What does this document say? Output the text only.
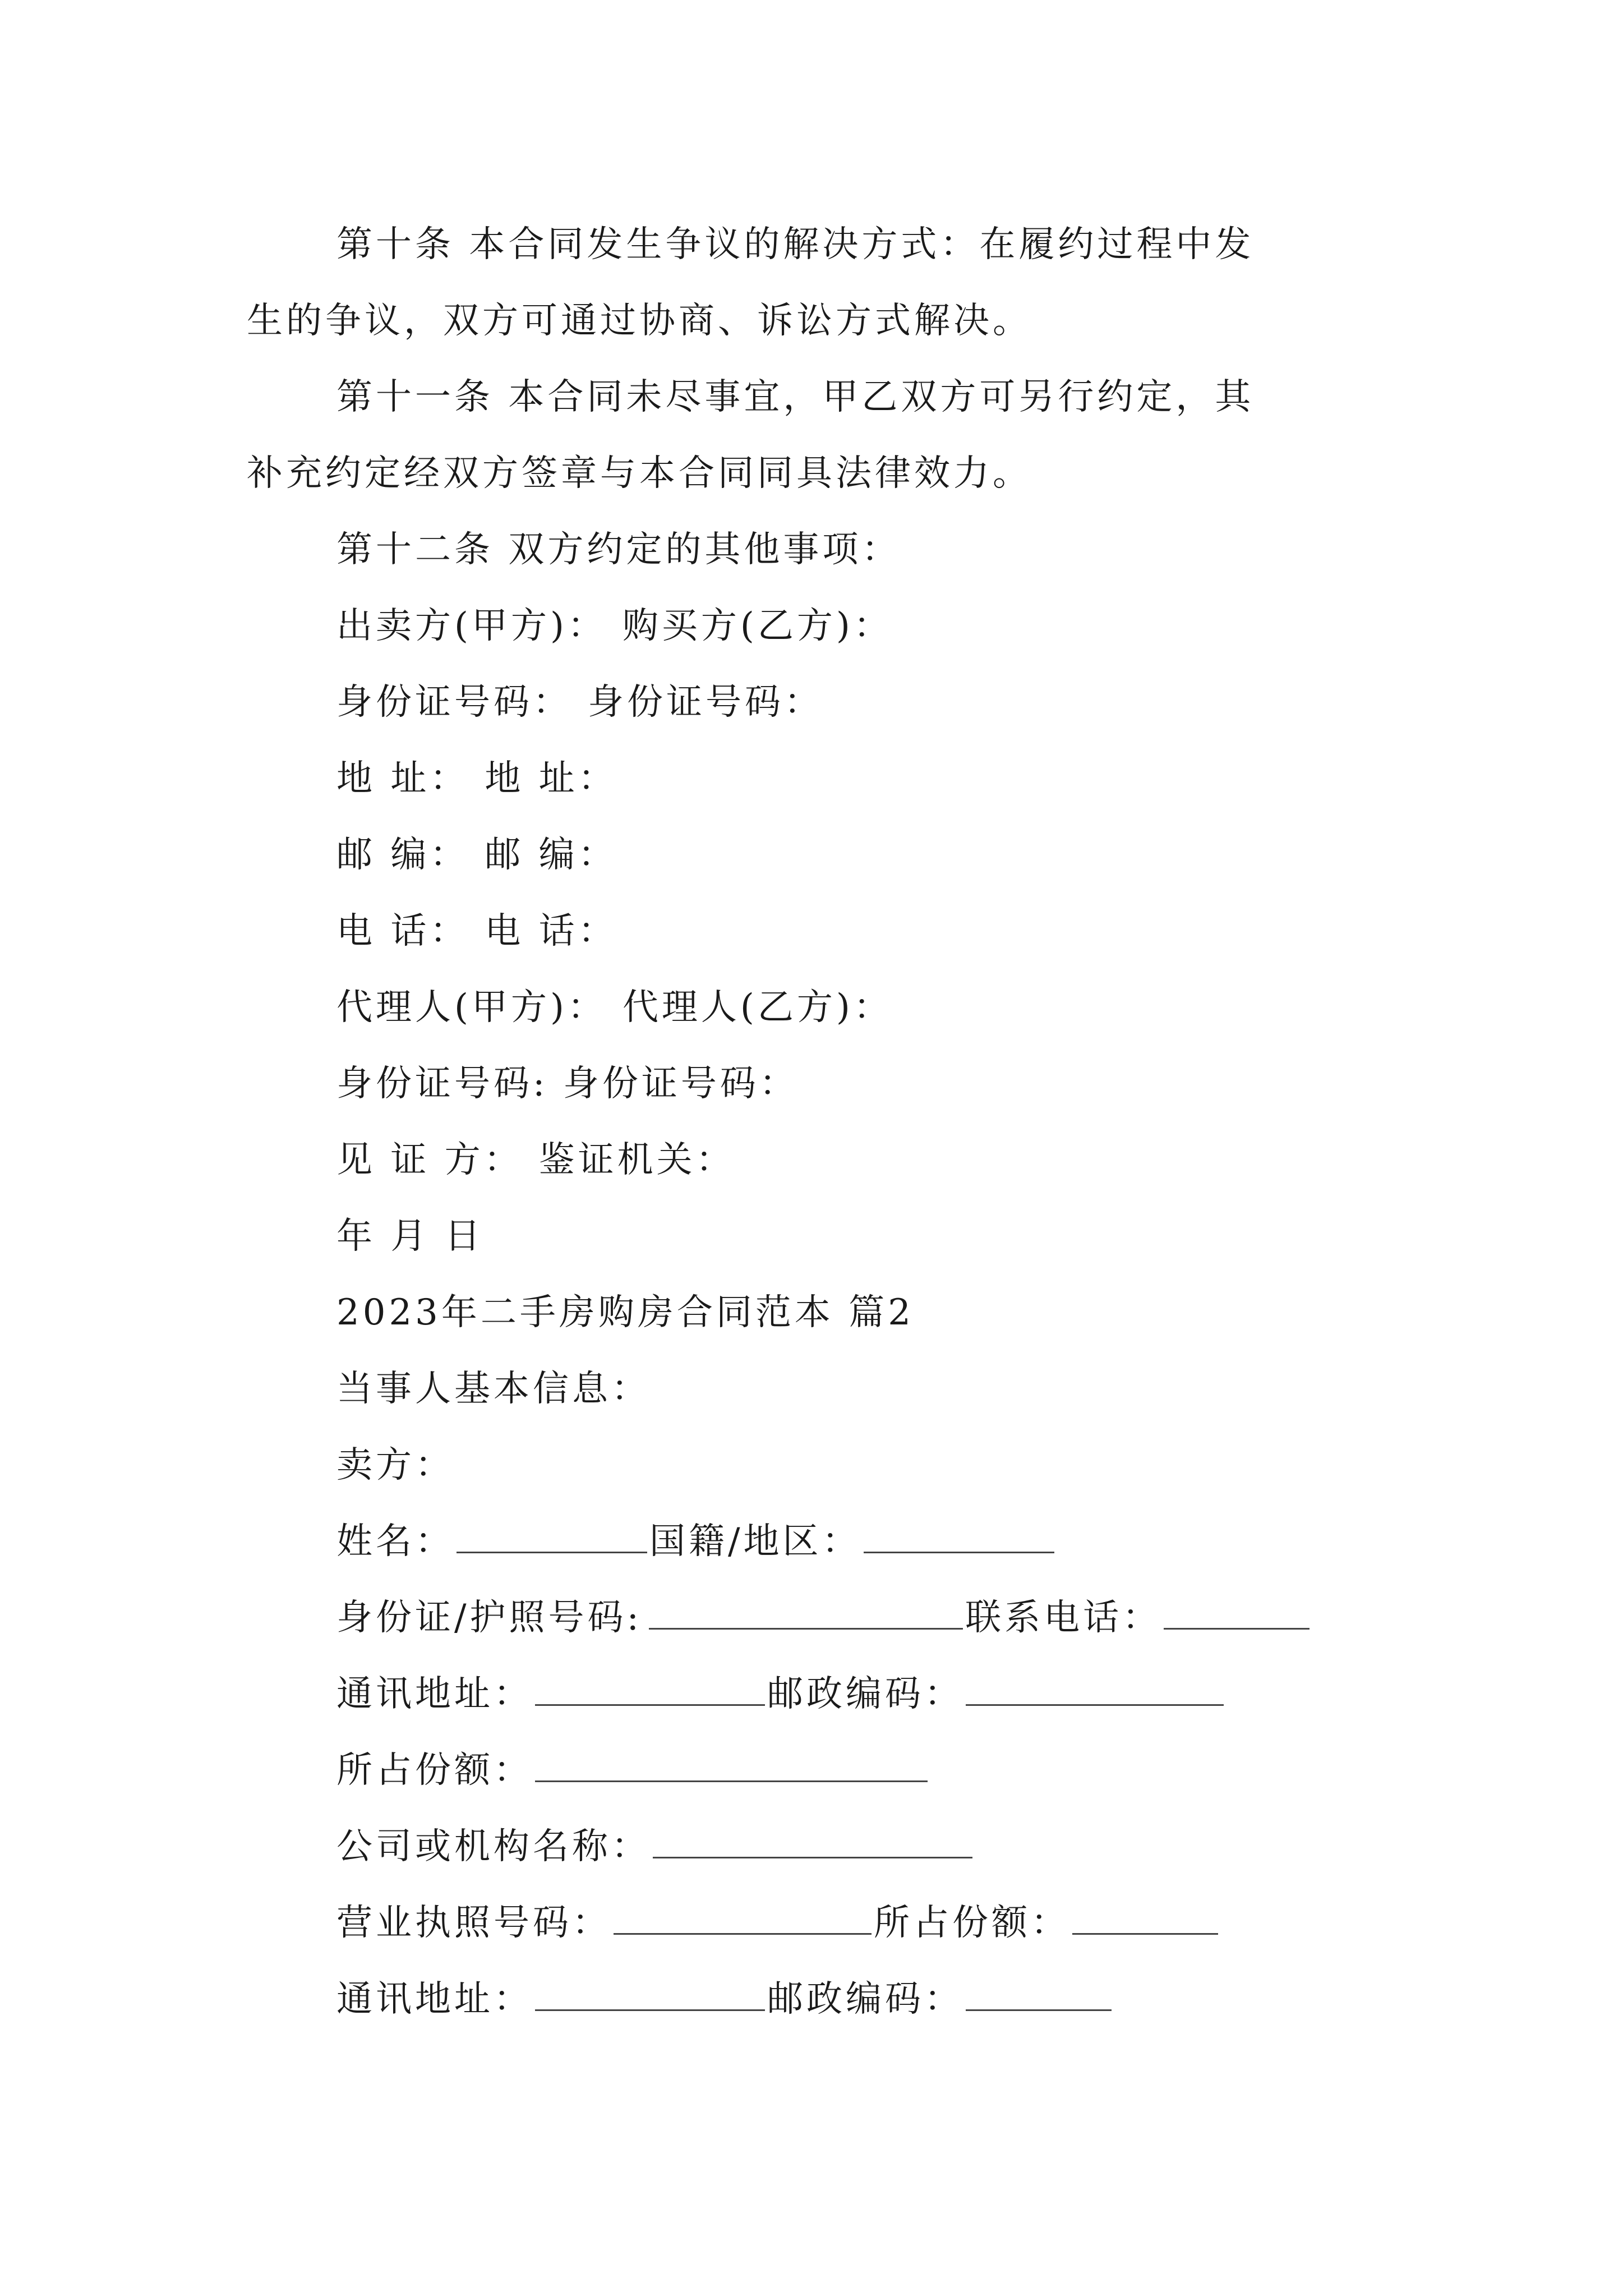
第十条 本合同发生争议的解决方式：在履约过程中发
生的争议，双方可通过协商、诉讼方式解决。
第十一条 本合同未尽事宜，甲乙双方可另行约定，其
补充约定经双方签章与本合同同具法律效力。
第十二条 双方约定的其他事项：
出卖方(甲方)： 购买方(乙方)：
身份证号码： 身份证号码：
地 址： 地 址：
邮 编： 邮 编：
电 话： 电 话：
代理人(甲方)： 代理人(乙方)：
身份证号码: 身份证号码：
见 证 方： 鉴证机关：
年 月 日
2023年二手房购房合同范本 篇2
当事人基本信息：
卖方：
姓名：	国籍/地区：
身份证/护照号码:	联系电话：
通讯地址：	邮政编码：
所占份额：
公司或机构名称：
营业执照号码：	所占份额：
通讯地址：	邮政编码：
